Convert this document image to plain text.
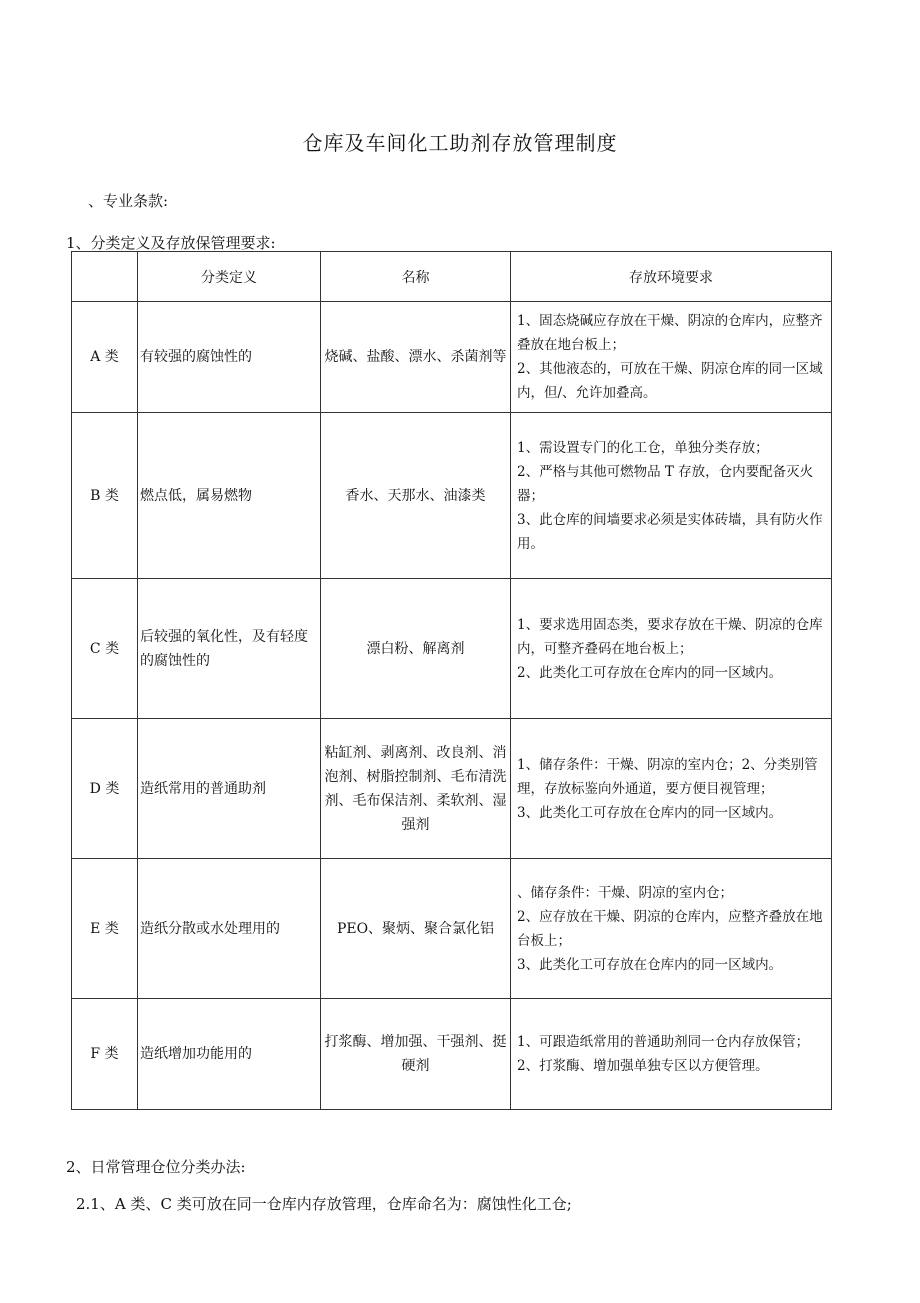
仓库及车间化工助剂存放管理制度
、专业条款:
1、分类定义及存放保管理要求:
	分类定义	名称	存放环境要求
A 类	有较强的腐蚀性的	烧碱、盐酸、漂水、杀菌剂等	1、固态烧碱应存放在干燥、阴凉的仓库内，应整齐叠放在地台板上；
2、其他液态的，可放在干燥、阴凉仓库的同一区域内，但/、允许加叠高。

B 类	燃点低，属易燃物	香水、天那水、油漆类	1、需设置专门的化工仓，单独分类存放；
2、严格与其他可燃物品 T 存放，仓内要配备灭火器；
3、此仓库的间墙要求必须是实体砖墙，具有防火作用。

C 类	后较强的氧化性，及有轻度的腐蚀性的	漂白粉、解离剂	1、要求选用固态类，要求存放在干燥、阴凉的仓库内，可整齐叠码在地台板上；
2、此类化工可存放在仓库内的同一区域内。

D 类	造纸常用的普通助剂	粘缸剂、剥离剂、改良剂、消泡剂、树脂控制剂、毛布清洗剂、毛布保洁剂、柔软剂、湿强剂	1、储存条件：干燥、阴凉的室内仓；2、分类别管理，存放标鉴向外通道，要方便目视管理；
3、此类化工可存放在仓库内的同一区域内。

E 类	造纸分散或水处理用的	PEO、聚炳、聚合氯化铝	、储存条件：干燥、阴凉的室内仓；
2、应存放在干燥、阴凉的仓库内，应整齐叠放在地台板上；
3、此类化工可存放在仓库内的同一区域内。

F 类	造纸增加功能用的	打浆酶、增加强、干强剂、挺硬剂	1、可跟造纸常用的普通助剂同一仓内存放保管；
2、打浆酶、增加强单独专区以方便管理。
2、日常管理仓位分类办法:
2.1、A 类、C 类可放在同一仓库内存放管理，仓库命名为：腐蚀性化工仓;
